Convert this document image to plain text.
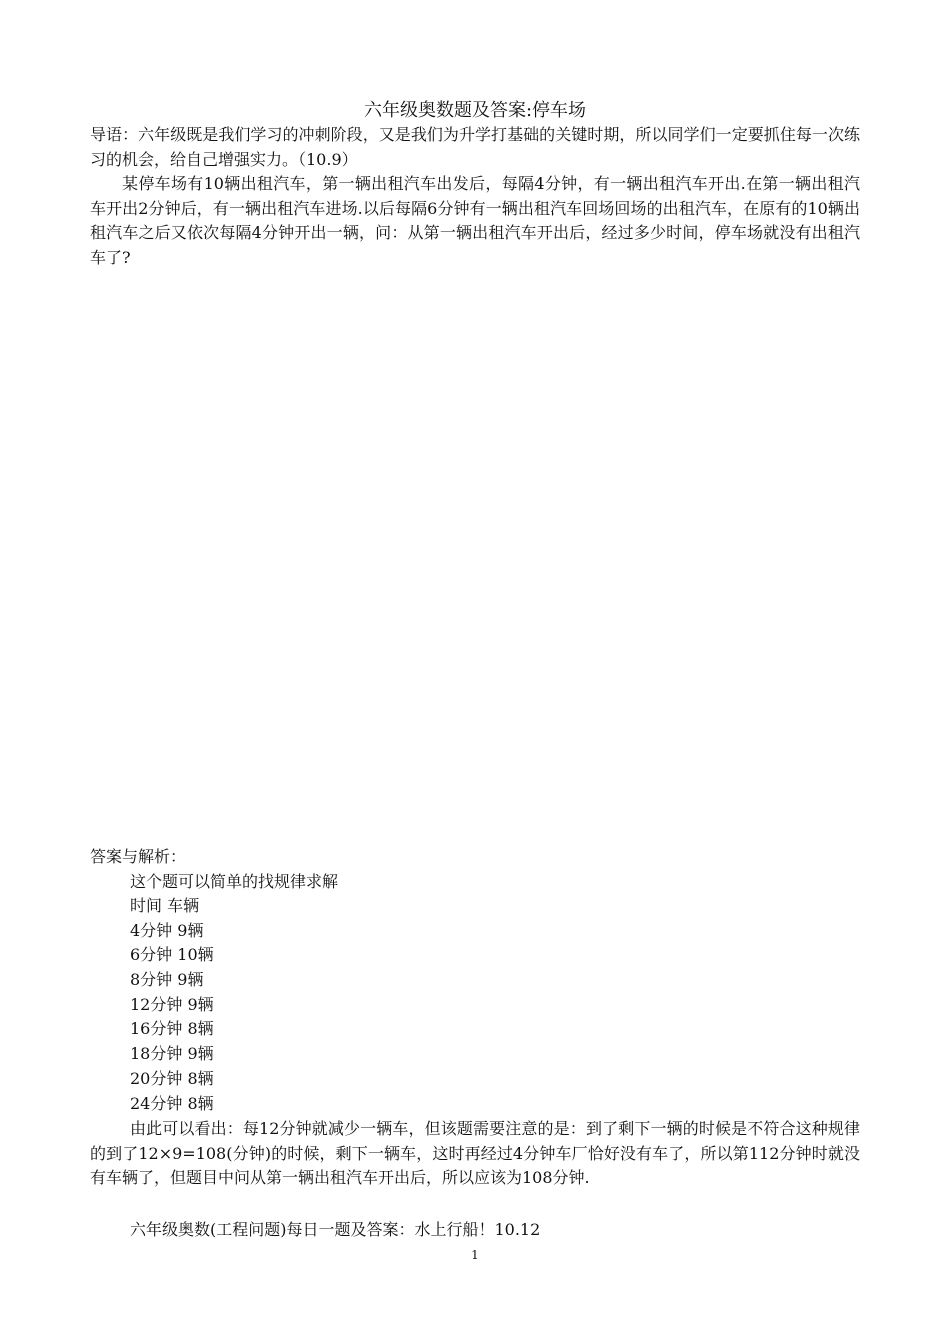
六年级奥数题及答案:停车场
导语：六年级既是我们学习的冲刺阶段，又是我们为升学打基础的关键时期，所以同学们一定要抓住每一次练习的机会，给自己增强实力。（10.9）
某停车场有10辆出租汽车，第一辆出租汽车出发后，每隔4分钟，有一辆出租汽车开出.在第一辆出租汽车开出2分钟后，有一辆出租汽车进场.以后每隔6分钟有一辆出租汽车回场回场的出租汽车，在原有的10辆出租汽车之后又依次每隔4分钟开出一辆，问：从第一辆出租汽车开出后，经过多少时间，停车场就没有出租汽车了?
答案与解析：
这个题可以简单的找规律求解
时间 车辆
4分钟 9辆
6分钟 10辆
8分钟 9辆
12分钟 9辆
16分钟 8辆
18分钟 9辆
20分钟 8辆
24分钟 8辆
由此可以看出：每12分钟就减少一辆车，但该题需要注意的是：到了剩下一辆的时候是不符合这种规律的到了12×9=108(分钟)的时候，剩下一辆车，这时再经过4分钟车厂恰好没有车了，所以第112分钟时就没有车辆了，但题目中问从第一辆出租汽车开出后，所以应该为108分钟.
六年级奥数(工程问题)每日一题及答案：水上行船！10.12
1
